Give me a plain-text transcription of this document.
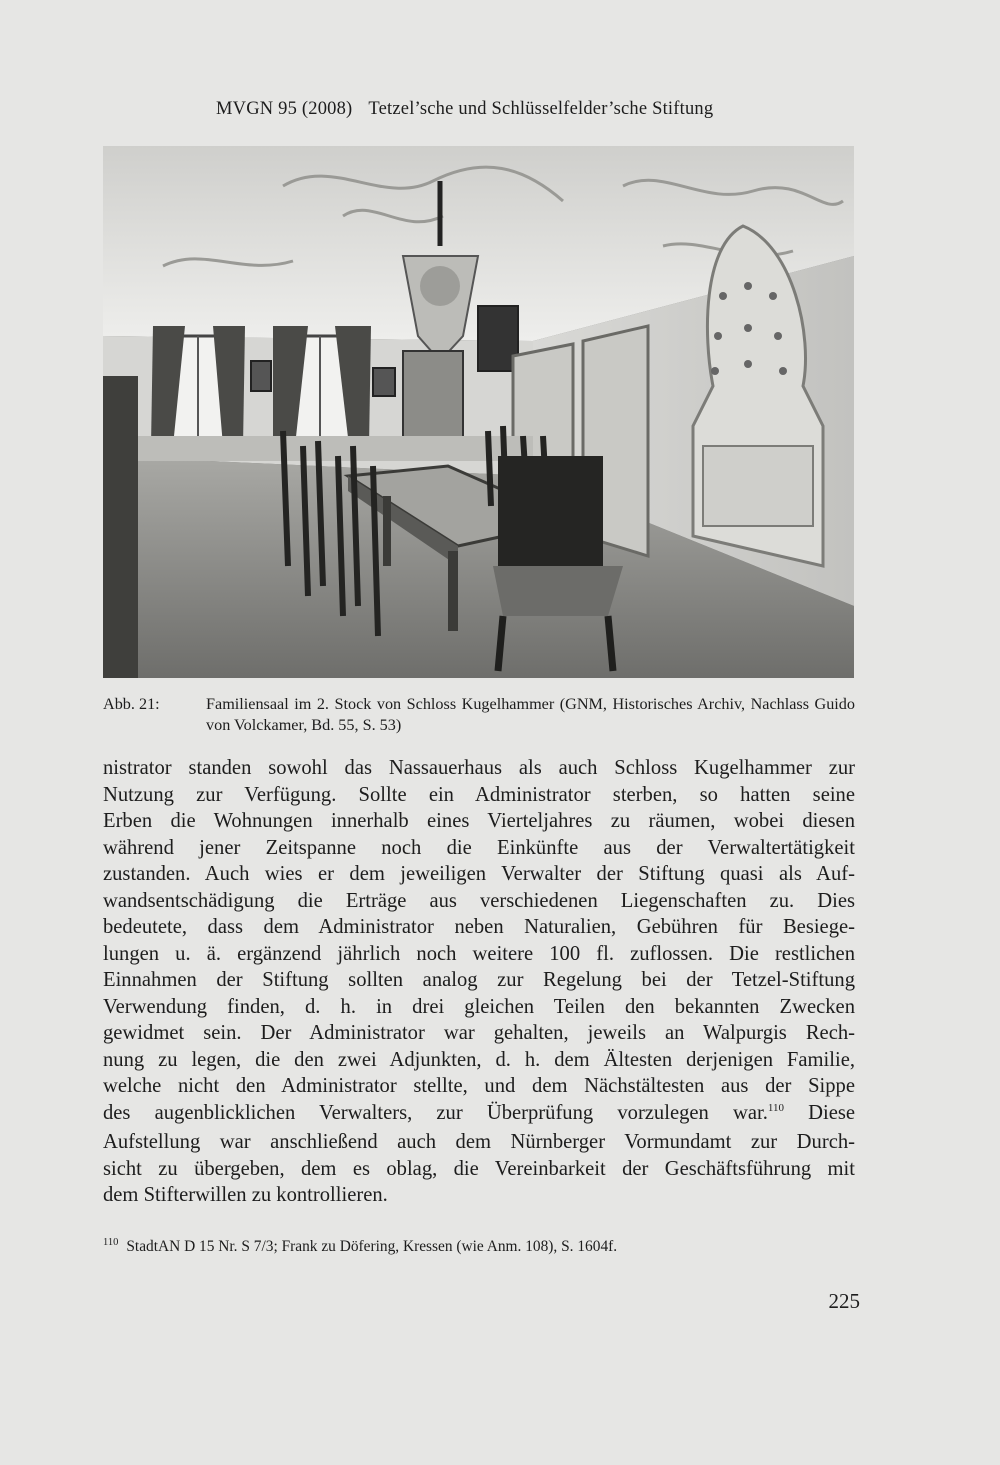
MVGN 95 (2008) Tetzel’sche und Schlüsselfelder’sche Stiftung
Abb. 21:	Familiensaal im 2. Stock von Schloss Kugelhammer (GNM, Historisches Archiv, Nachlass Guido von Volckamer, Bd. 55, S. 53)

nistrator standen sowohl das Nassauerhaus als auch Schloss Kugelhammer zur

Nutzung zur Verfügung. Sollte ein Administrator sterben, so hatten seine

Erben die Wohnungen innerhalb eines Vierteljahres zu räumen, wobei diesen

während jener Zeitspanne noch die Einkünfte aus der Verwaltertätigkeit

zustanden. Auch wies er dem jeweiligen Verwalter der Stiftung quasi als Auf-

wandsentschädigung die Erträge aus verschiedenen Liegenschaften zu. Dies

bedeutete, dass dem Administrator neben Naturalien, Gebühren für Besiege-

lungen u. ä. ergänzend jährlich noch weitere 100 fl. zuflossen. Die restlichen

Einnahmen der Stiftung sollten analog zur Regelung bei der Tetzel-Stiftung

Verwendung finden, d. h. in drei gleichen Teilen den bekannten Zwecken

gewidmet sein. Der Administrator war gehalten, jeweils an Walpurgis Rech-

nung zu legen, die den zwei Adjunkten, d. h. dem Ältesten derjenigen Familie,

welche nicht den Administrator stellte, und dem Nächstältesten aus der Sippe

des augenblicklichen Verwalters, zur Überprüfung vorzulegen war.$^{110}$ Diese

Aufstellung war anschließend auch dem Nürnberger Vormundamt zur Durch-

sicht zu übergeben, dem es oblag, die Vereinbarkeit der Geschäftsführung mit

dem Stifterwillen zu kontrollieren.

$^{110}$ StadtAN D 15 Nr. S 7/3; Frank zu Döfering, Kressen (wie Anm. 108), S. 1604f.
225
